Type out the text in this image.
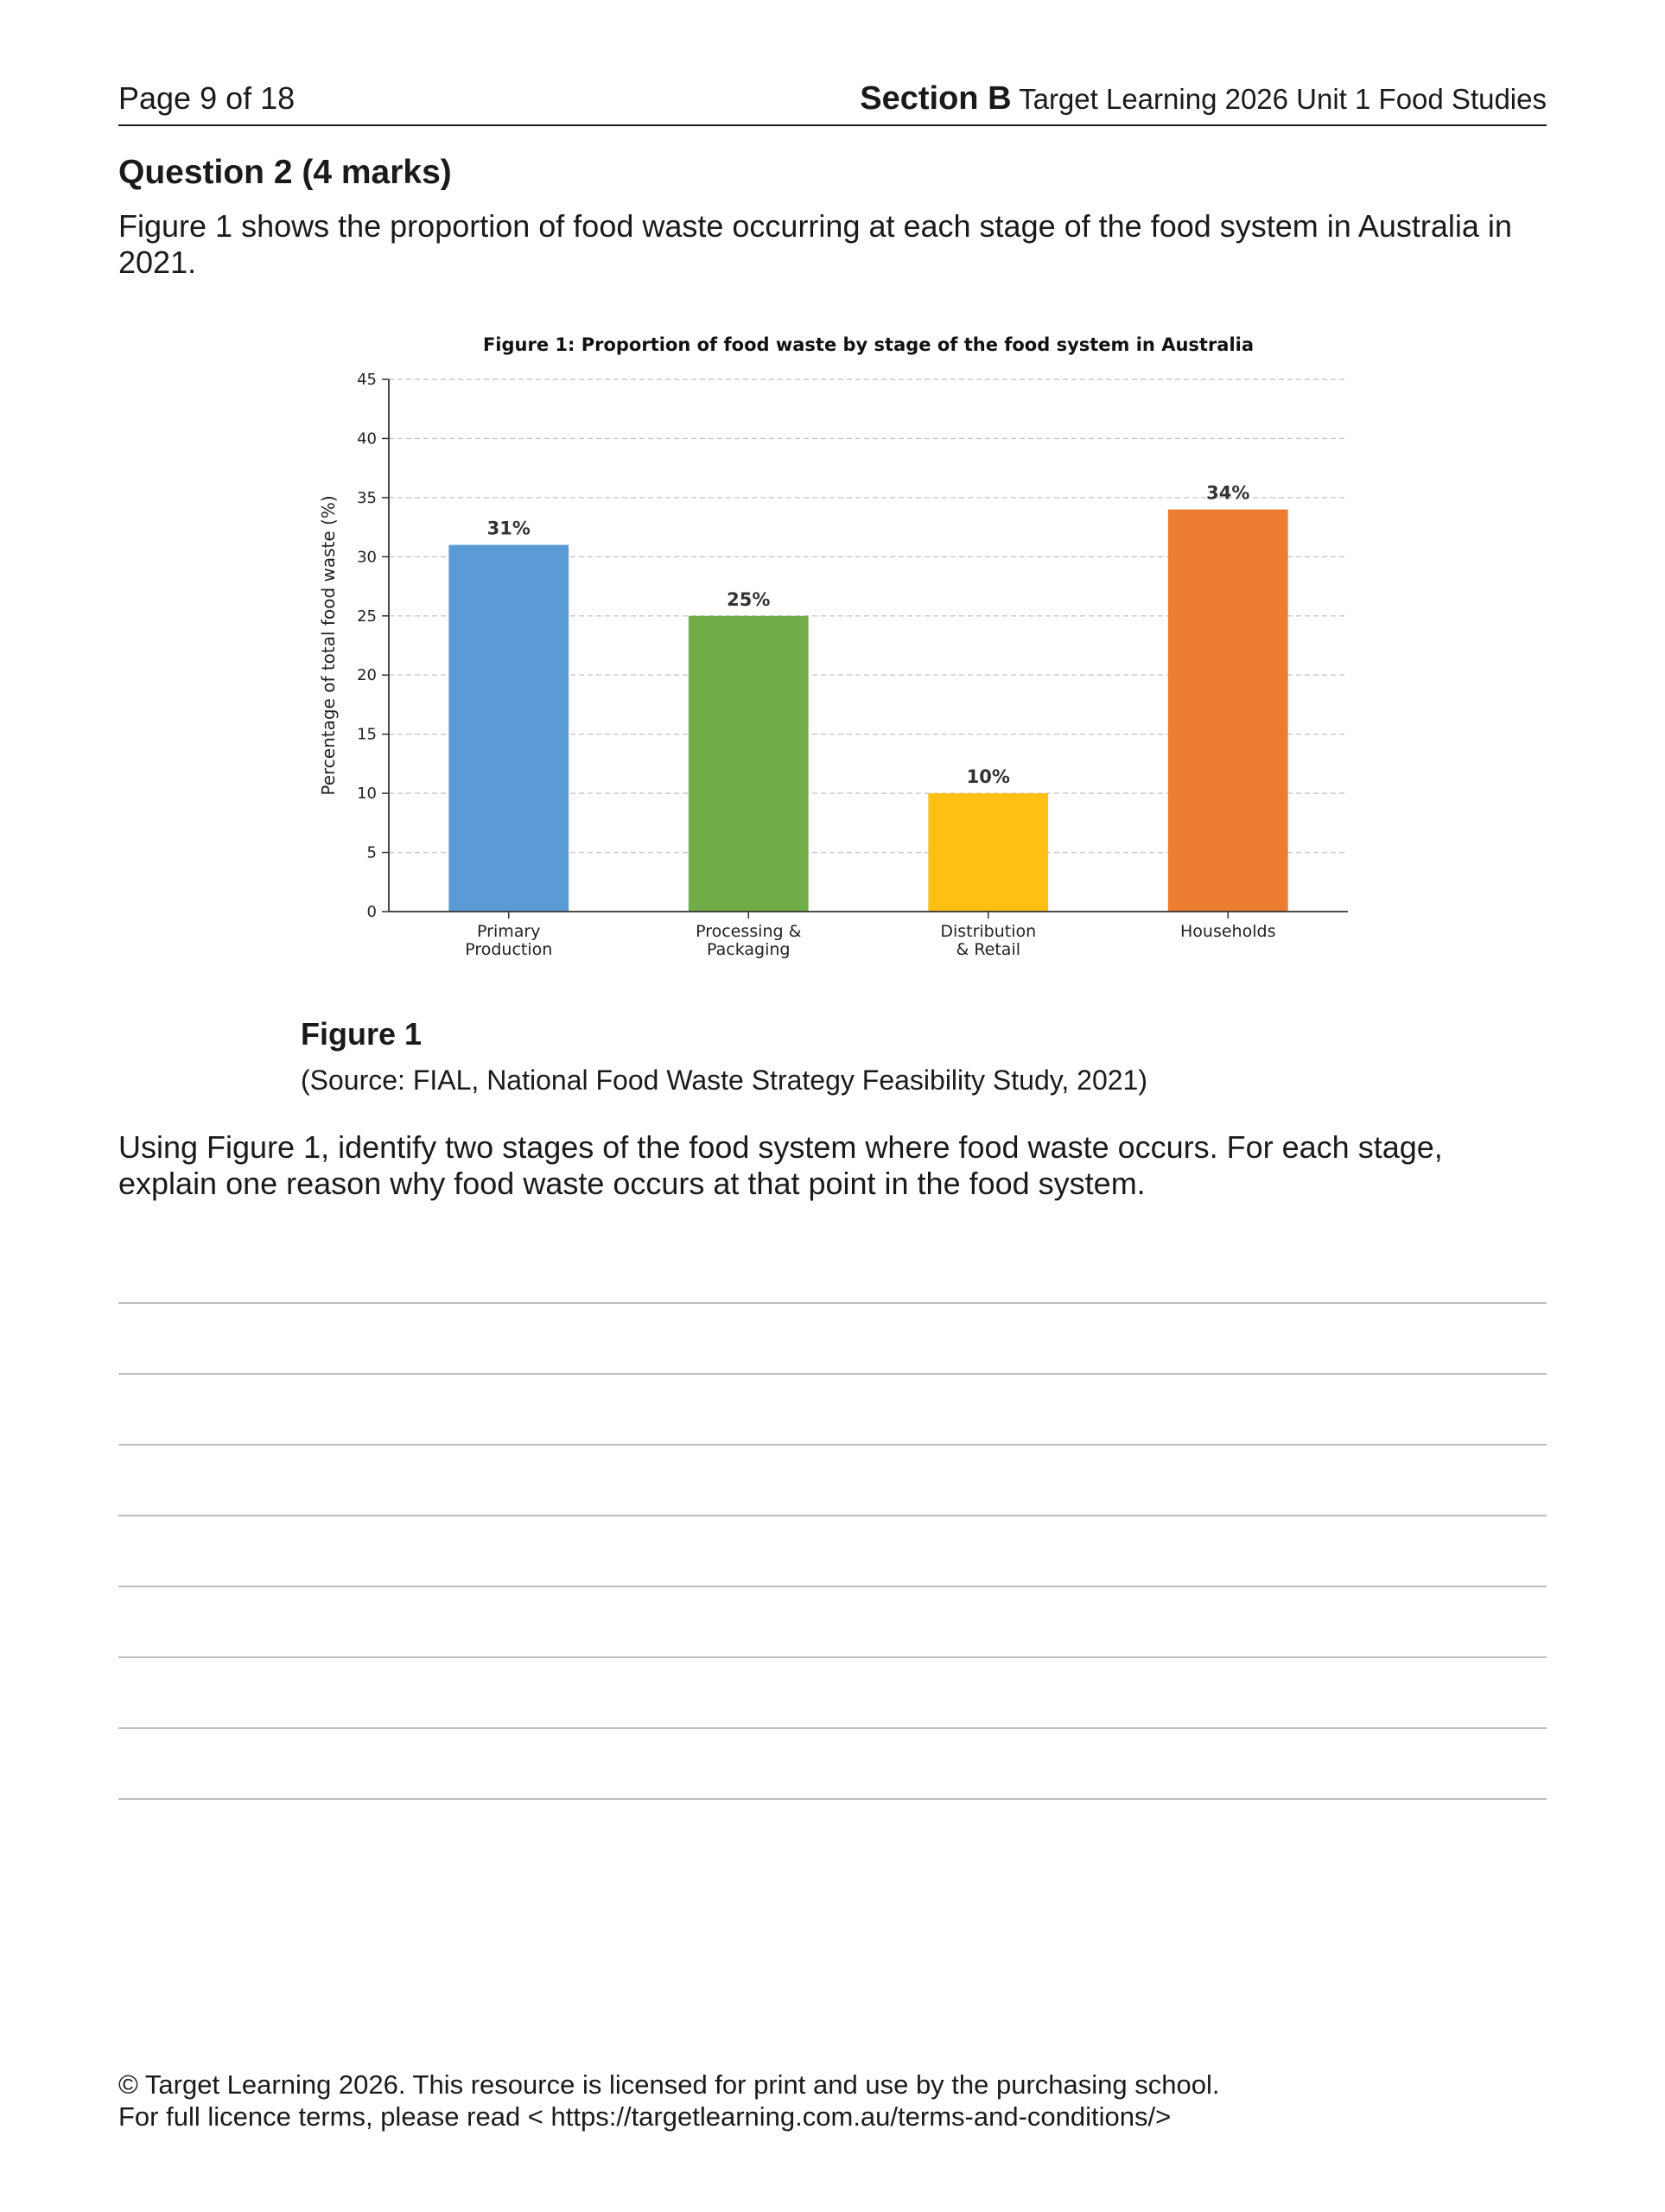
Page 9 of 18	Section B Target Learning 2026 Unit 1 Food Studies
Question 2 (4 marks)
Figure 1 shows the proportion of food waste occurring at each stage of the food system in Australia in 2021.
Figure 1: Proportion of food waste by stage of the food system in Australia
0
5
10
15
20
25
30
35
40
45
Percentage of total food waste (%)	31%
Primary Production
25%
Processing & Packaging
10%
Distribution & Retail
34%
Households
Figure 1
(Source: FIAL, National Food Waste Strategy Feasibility Study, 2021)
Using Figure 1, identify two stages of the food system where food waste occurs. For each stage, explain one reason why food waste occurs at that point in the food system.
© Target Learning 2026. This resource is licensed for print and use by the purchasing school.
For full licence terms, please read < https://targetlearning.com.au/terms-and-conditions/>
